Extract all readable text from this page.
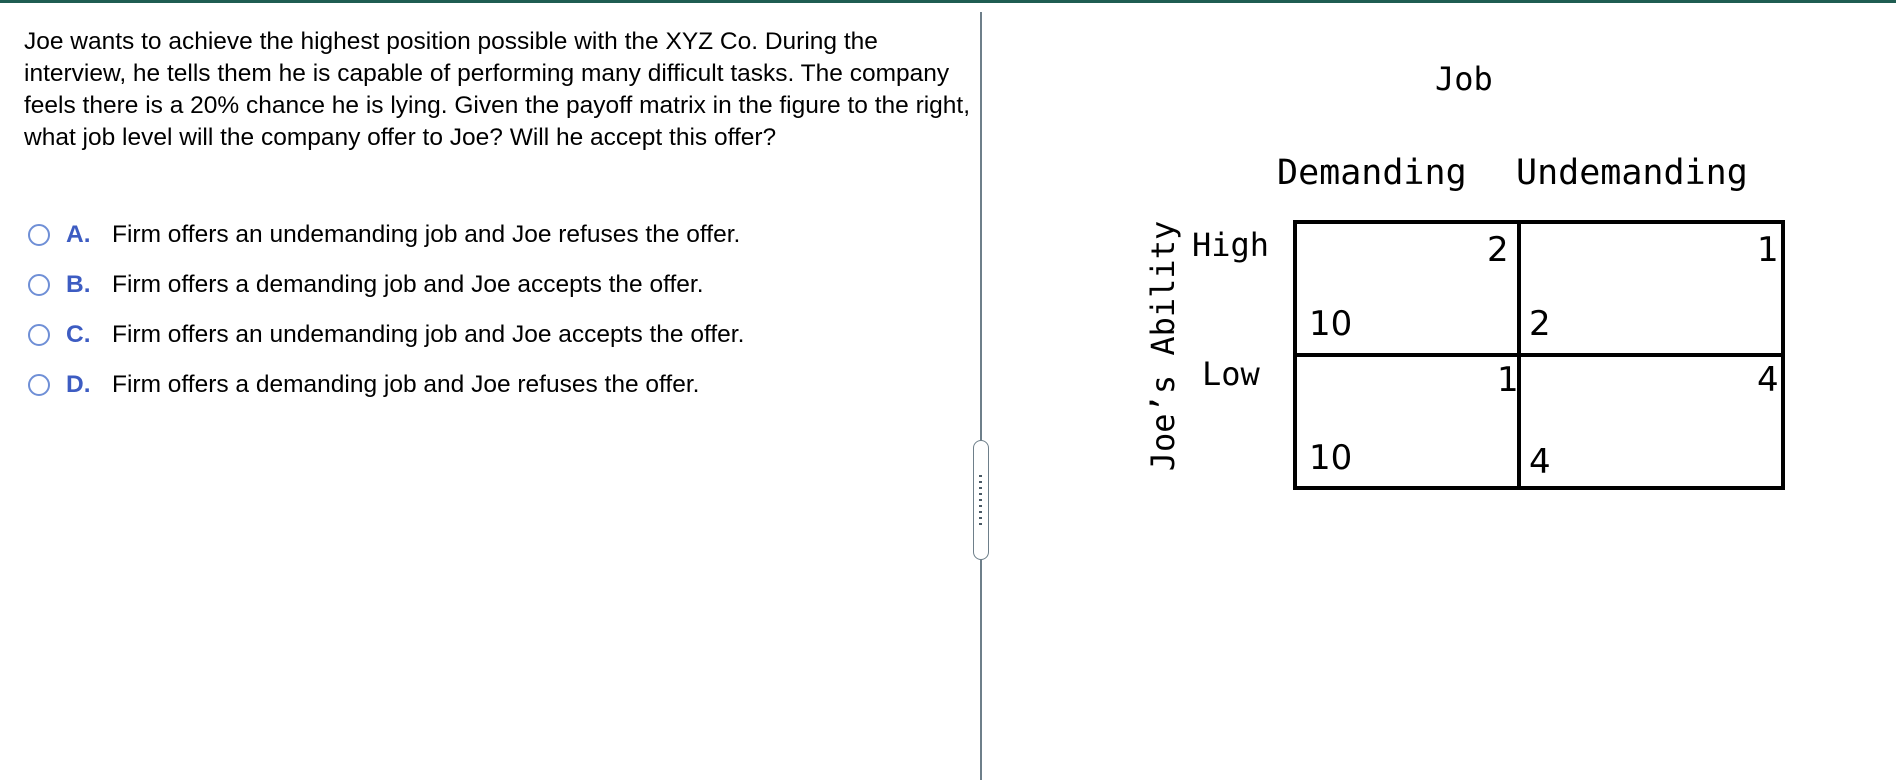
Joe wants to achieve the highest position possible with the XYZ Co. During the interview, he tells them he is capable of performing many difficult tasks. The company feels there is a 20% chance he is lying. Given the payoff matrix in the figure to the right, what job level will the company offer to Joe? Will he accept this offer?

A. Firm offers an undemanding job and Joe refuses the offer.
B. Firm offers a demanding job and Joe accepts the offer.
C. Firm offers an undemanding job and Joe accepts the offer.
D. Firm offers a demanding job and Joe refuses the offer.
Job
Demanding Undemanding
Joe’s Ability High
Low
2
10
1
2
1
10
4
4
